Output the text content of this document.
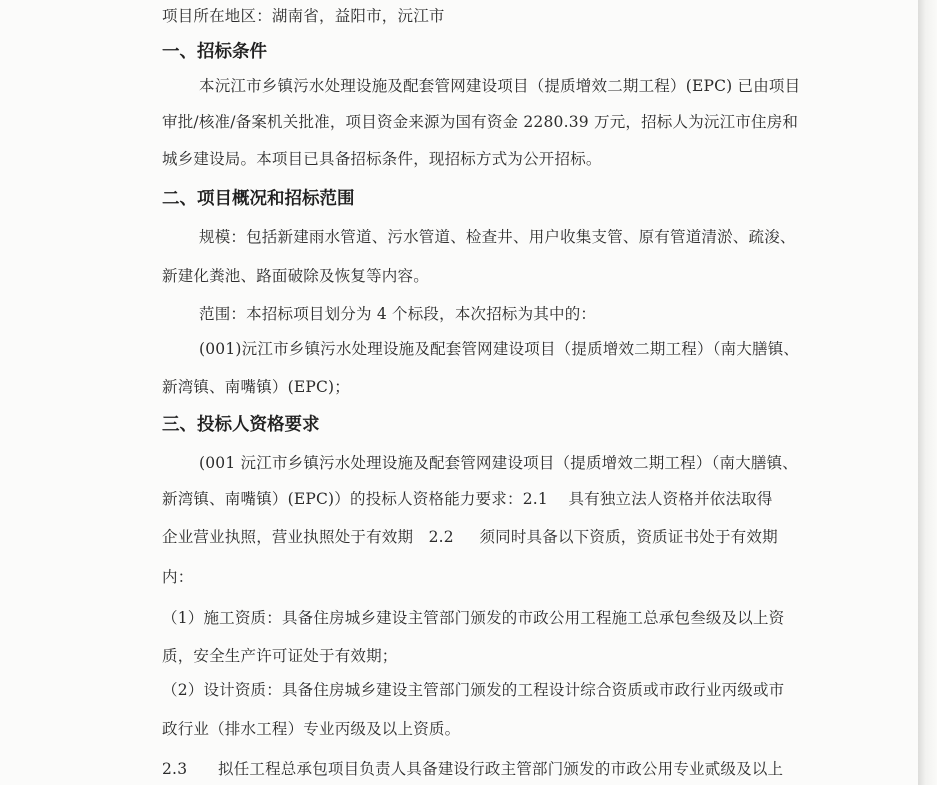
项目所在地区：湖南省，益阳市，沅江市
一、招标条件
本沅江市乡镇污水处理设施及配套管网建设项目（提质增效二期工程）(EPC) 已由项目
审批/核准/备案机关批准，项目资金来源为国有资金 2280.39 万元，招标人为沅江市住房和
城乡建设局。本项目已具备招标条件，现招标方式为公开招标。
二、项目概况和招标范围
规模：包括新建雨水管道、污水管道、检查井、用户收集支管、原有管道清淤、疏浚、
新建化粪池、路面破除及恢复等内容。
范围：本招标项目划分为 4 个标段，本次招标为其中的：
(001)沅江市乡镇污水处理设施及配套管网建设项目（提质增效二期工程）（南大膳镇、
新湾镇、南嘴镇）(EPC)；
三、投标人资格要求
(001 沅江市乡镇污水处理设施及配套管网建设项目（提质增效二期工程）（南大膳镇、
新湾镇、南嘴镇）(EPC)）的投标人资格能力要求：2.1    具有独立法人资格并依法取得
企业营业执照，营业执照处于有效期   2.2     须同时具备以下资质，资质证书处于有效期
内：
（1）施工资质：具备住房城乡建设主管部门颁发的市政公用工程施工总承包叁级及以上资
质，安全生产许可证处于有效期；
（2）设计资质：具备住房城乡建设主管部门颁发的工程设计综合资质或市政行业丙级或市
政行业（排水工程）专业丙级及以上资质。
2.3      拟任工程总承包项目负责人具备建设行政主管部门颁发的市政公用专业贰级及以上
